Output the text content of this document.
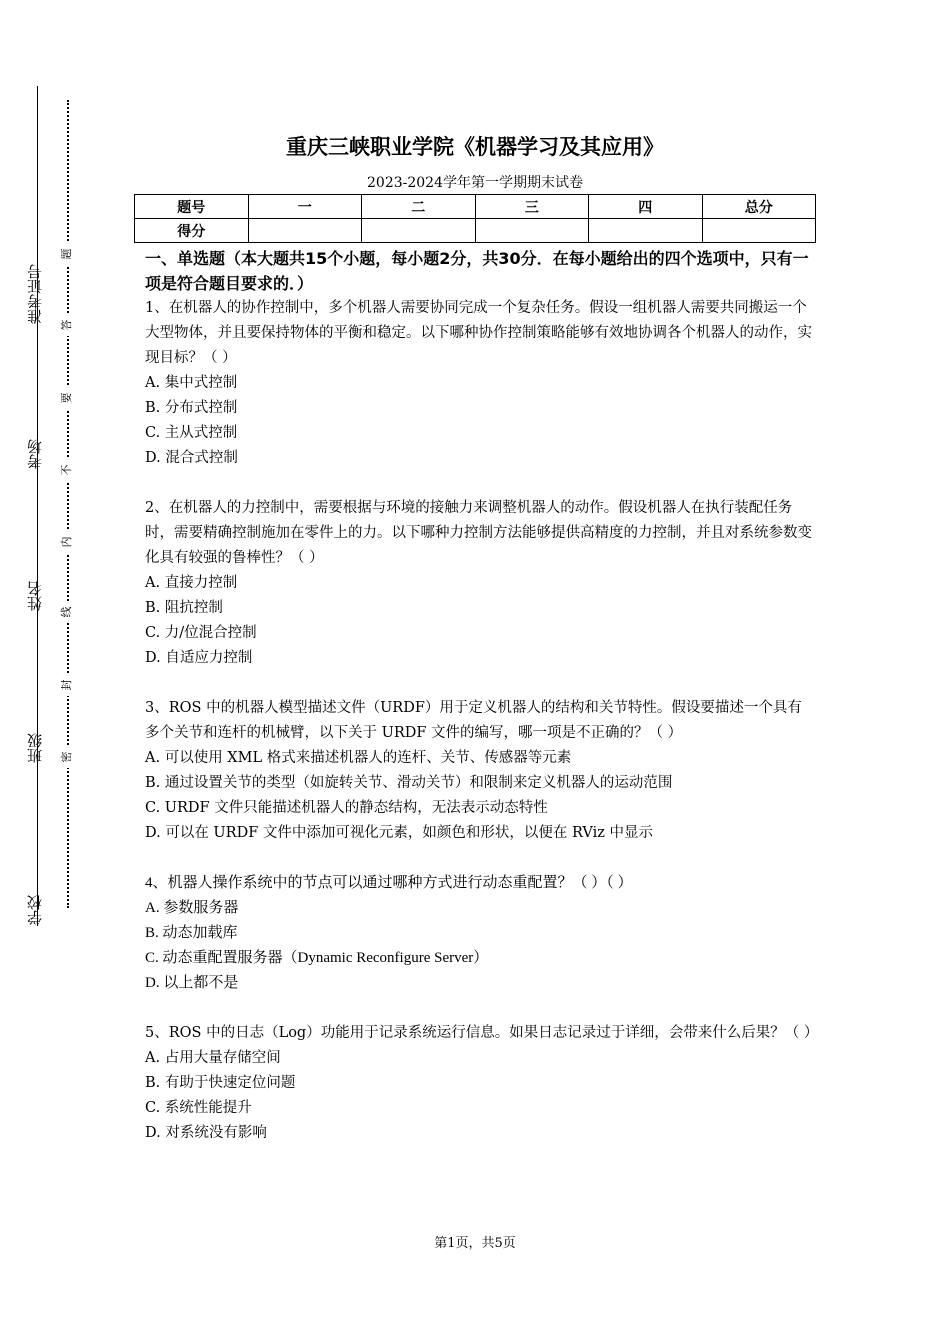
准考证号
考场
姓名
班级
学校
题
答
要
不
内
线
封
密
重庆三峡职业学院《机器学习及其应用》
2023-2024学年第一学期期末试卷
题号	一	二	三	四	总分
得分					
一、单选题（本大题共15个小题，每小题2分，共30分．在每小题给出的四个选项中，只有一项是符合题目要求的．）
1、在机器人的协作控制中，多个机器人需要协同完成一个复杂任务。假设一组机器人需要共同搬运一个大型物体，并且要保持物体的平衡和稳定。以下哪种协作控制策略能够有效地协调各个机器人的动作，实现目标？（ ）
A. 集中式控制
B. 分布式控制
C. 主从式控制
D. 混合式控制
2、在机器人的力控制中，需要根据与环境的接触力来调整机器人的动作。假设机器人在执行装配任务时，需要精确控制施加在零件上的力。以下哪种力控制方法能够提供高精度的力控制，并且对系统参数变化具有较强的鲁棒性？（ ）
A. 直接力控制
B. 阻抗控制
C. 力/位混合控制
D. 自适应力控制
3、ROS 中的机器人模型描述文件（URDF）用于定义机器人的结构和关节特性。假设要描述一个具有多个关节和连杆的机械臂，以下关于 URDF 文件的编写，哪一项是不正确的？（ ）
A. 可以使用 XML 格式来描述机器人的连杆、关节、传感器等元素
B. 通过设置关节的类型（如旋转关节、滑动关节）和限制来定义机器人的运动范围
C. URDF 文件只能描述机器人的静态结构，无法表示动态特性
D. 可以在 URDF 文件中添加可视化元素，如颜色和形状，以便在 RViz 中显示
4、机器人操作系统中的节点可以通过哪种方式进行动态重配置？（ ）（ ）
A. 参数服务器
B. 动态加载库
C. 动态重配置服务器（Dynamic Reconfigure Server）
D. 以上都不是
5、ROS 中的日志（Log）功能用于记录系统运行信息。如果日志记录过于详细，会带来什么后果？（ ）
A. 占用大量存储空间
B. 有助于快速定位问题
C. 系统性能提升
D. 对系统没有影响
第1页，共5页
